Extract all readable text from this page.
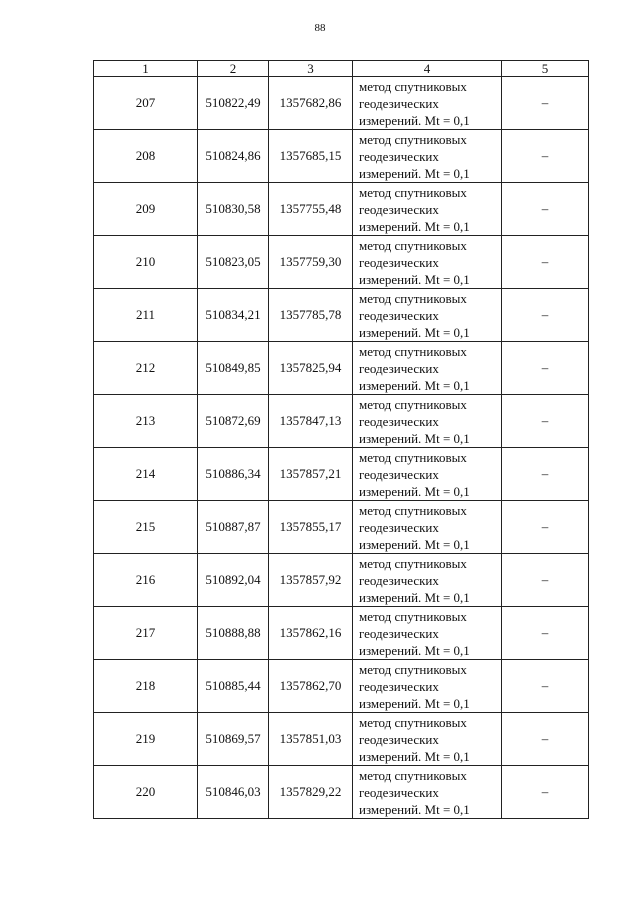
88
1	2	3	4	5
207	510822,49	1357682,86	метод спутниковых
геодезических
измерений. Mt = 0,1	–
208	510824,86	1357685,15	метод спутниковых
геодезических
измерений. Mt = 0,1	–
209	510830,58	1357755,48	метод спутниковых
геодезических
измерений. Mt = 0,1	–
210	510823,05	1357759,30	метод спутниковых
геодезических
измерений. Mt = 0,1	–
211	510834,21	1357785,78	метод спутниковых
геодезических
измерений. Mt = 0,1	–
212	510849,85	1357825,94	метод спутниковых
геодезических
измерений. Mt = 0,1	–
213	510872,69	1357847,13	метод спутниковых
геодезических
измерений. Mt = 0,1	–
214	510886,34	1357857,21	метод спутниковых
геодезических
измерений. Mt = 0,1	–
215	510887,87	1357855,17	метод спутниковых
геодезических
измерений. Mt = 0,1	–
216	510892,04	1357857,92	метод спутниковых
геодезических
измерений. Mt = 0,1	–
217	510888,88	1357862,16	метод спутниковых
геодезических
измерений. Mt = 0,1	–
218	510885,44	1357862,70	метод спутниковых
геодезических
измерений. Mt = 0,1	–
219	510869,57	1357851,03	метод спутниковых
геодезических
измерений. Mt = 0,1	–
220	510846,03	1357829,22	метод спутниковых
геодезических
измерений. Mt = 0,1	–
